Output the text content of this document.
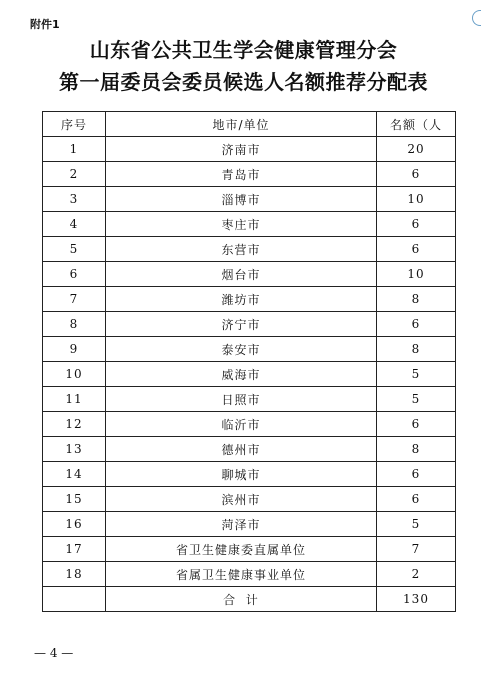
附件1
山东省公共卫生学会健康管理分会
第一届委员会委员候选人名额推荐分配表
序号	地市/单位	名额（人
1	济南市	20
2	青岛市	6
3	淄博市	10
4	枣庄市	6
5	东营市	6
6	烟台市	10
7	潍坊市	8
8	济宁市	6
9	泰安市	8
10	威海市	5
11	日照市	5
12	临沂市	6
13	德州市	8
14	聊城市	6
15	滨州市	6
16	菏泽市	5
17	省卫生健康委直属单位	7
18	省属卫生健康事业单位	2
	合  计	130
— 4 —
